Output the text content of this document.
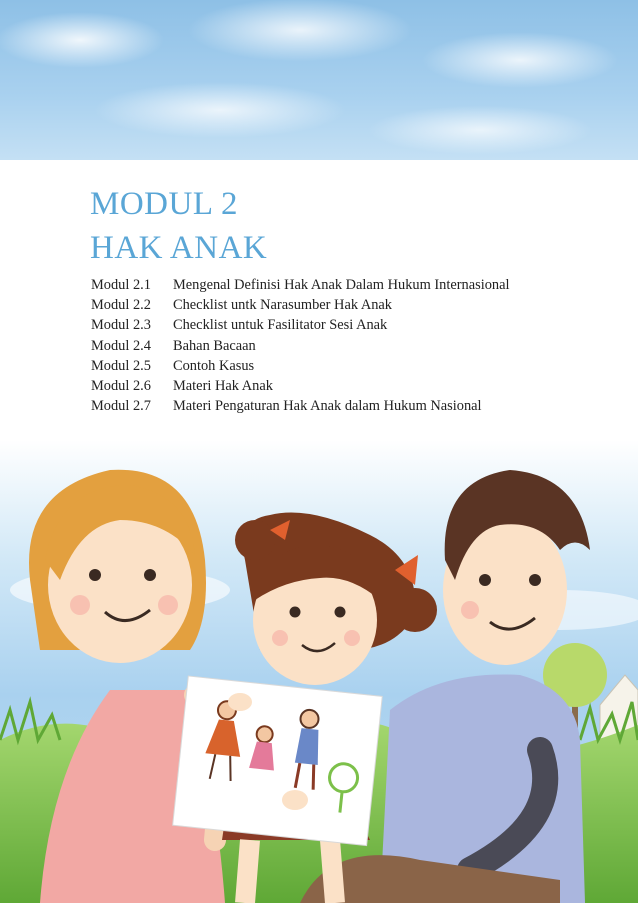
MODUL 2
HAK ANAK
Modul 2.1	Mengenal Definisi Hak Anak Dalam Hukum Internasional
Modul 2.2	Checklist untk Narasumber Hak Anak
Modul 2.3	Checklist untuk Fasilitator Sesi Anak
Modul 2.4	Bahan Bacaan
Modul 2.5	Contoh Kasus
Modul 2.6	Materi Hak Anak
Modul 2.7	Materi Pengaturan Hak Anak dalam Hukum Nasional
